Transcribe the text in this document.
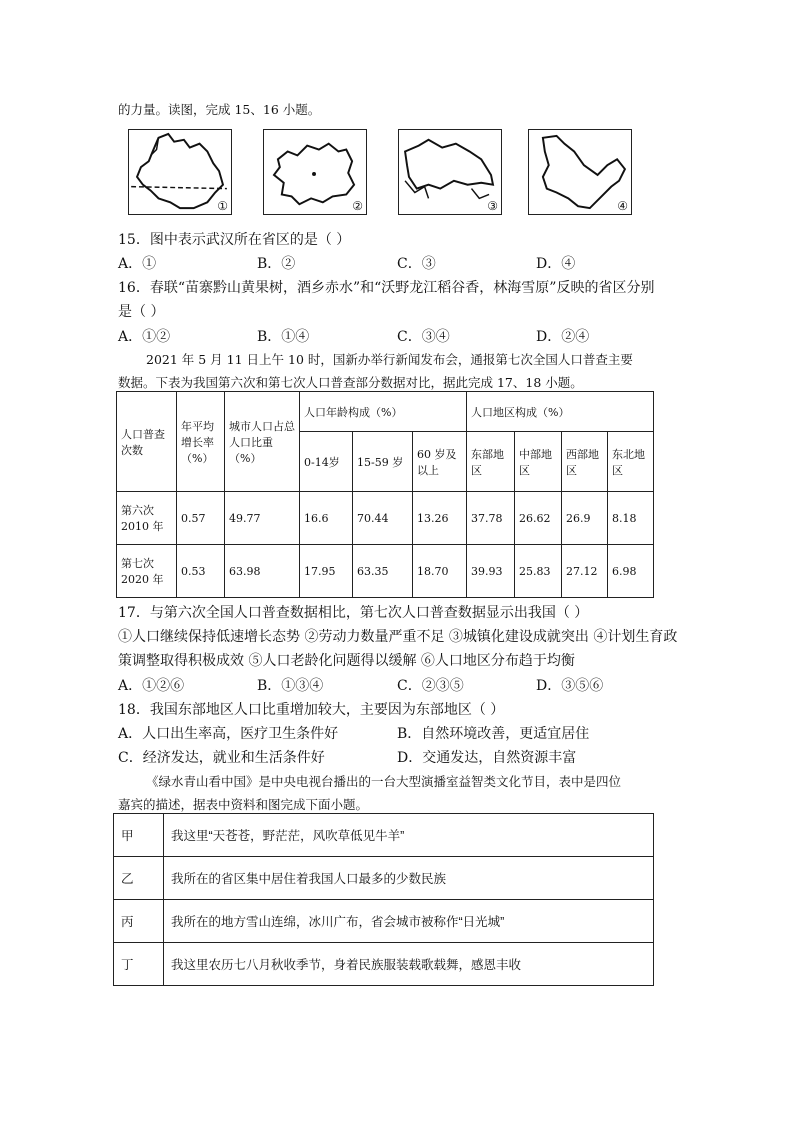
的力量。读图，完成 15、16 小题。
①	②	③	④
15．图中表示武汉所在省区的是（ ）
A．①	B．②	C．③	D．④
16．春联“苗寨黔山黄果树，酒乡赤水”和“沃野龙江稻谷香，林海雪原”反映的省区分别
是（ ）
A．①②	B．①④	C．③④	D．②④
2021 年 5 月 11 日上午 10 时，国新办举行新闻发布会，通报第七次全国人口普查主要
数据。下表为我国第六次和第七次人口普查部分数据对比，据此完成 17、18 小题。
人口普查次数	年平均增长率（%）	城市人口占总人口比重（%）	人口年龄构成（%）			人口地区构成（%）			
			0-14岁	15-59 岁	60 岁及以上	东部地区	中部地区	西部地区	东北地区
第六次
2010 年	0.57	49.77	16.6	70.44	13.26	37.78	26.62	26.9	8.18
第七次
2020 年	0.53	63.98	17.95	63.35	18.70	39.93	25.83	27.12	6.98
17．与第六次全国人口普查数据相比，第七次人口普查数据显示出我国（ ）
①人口继续保持低速增长态势 ②劳动力数量严重不足 ③城镇化建设成就突出 ④计划生育政
策调整取得积极成效 ⑤人口老龄化问题得以缓解 ⑥人口地区分布趋于均衡
A．①②⑥	B．①③④	C．②③⑤	D．③⑤⑥
18．我国东部地区人口比重增加较大，主要因为东部地区（ ）
A．人口出生率高，医疗卫生条件好	B．自然环境改善，更适宜居住
C．经济发达，就业和生活条件好	D．交通发达，自然资源丰富
《绿水青山看中国》是中央电视台播出的一台大型演播室益智类文化节目，表中是四位
嘉宾的描述，据表中资料和图完成下面小题。
甲	我这里“天苍苍，野茫茫，风吹草低见牛羊”
乙	我所在的省区集中居住着我国人口最多的少数民族
丙	我所在的地方雪山连绵，冰川广布，省会城市被称作“日光城”
丁	我这里农历七八月秋收季节，身着民族服装载歌载舞，感恩丰收
